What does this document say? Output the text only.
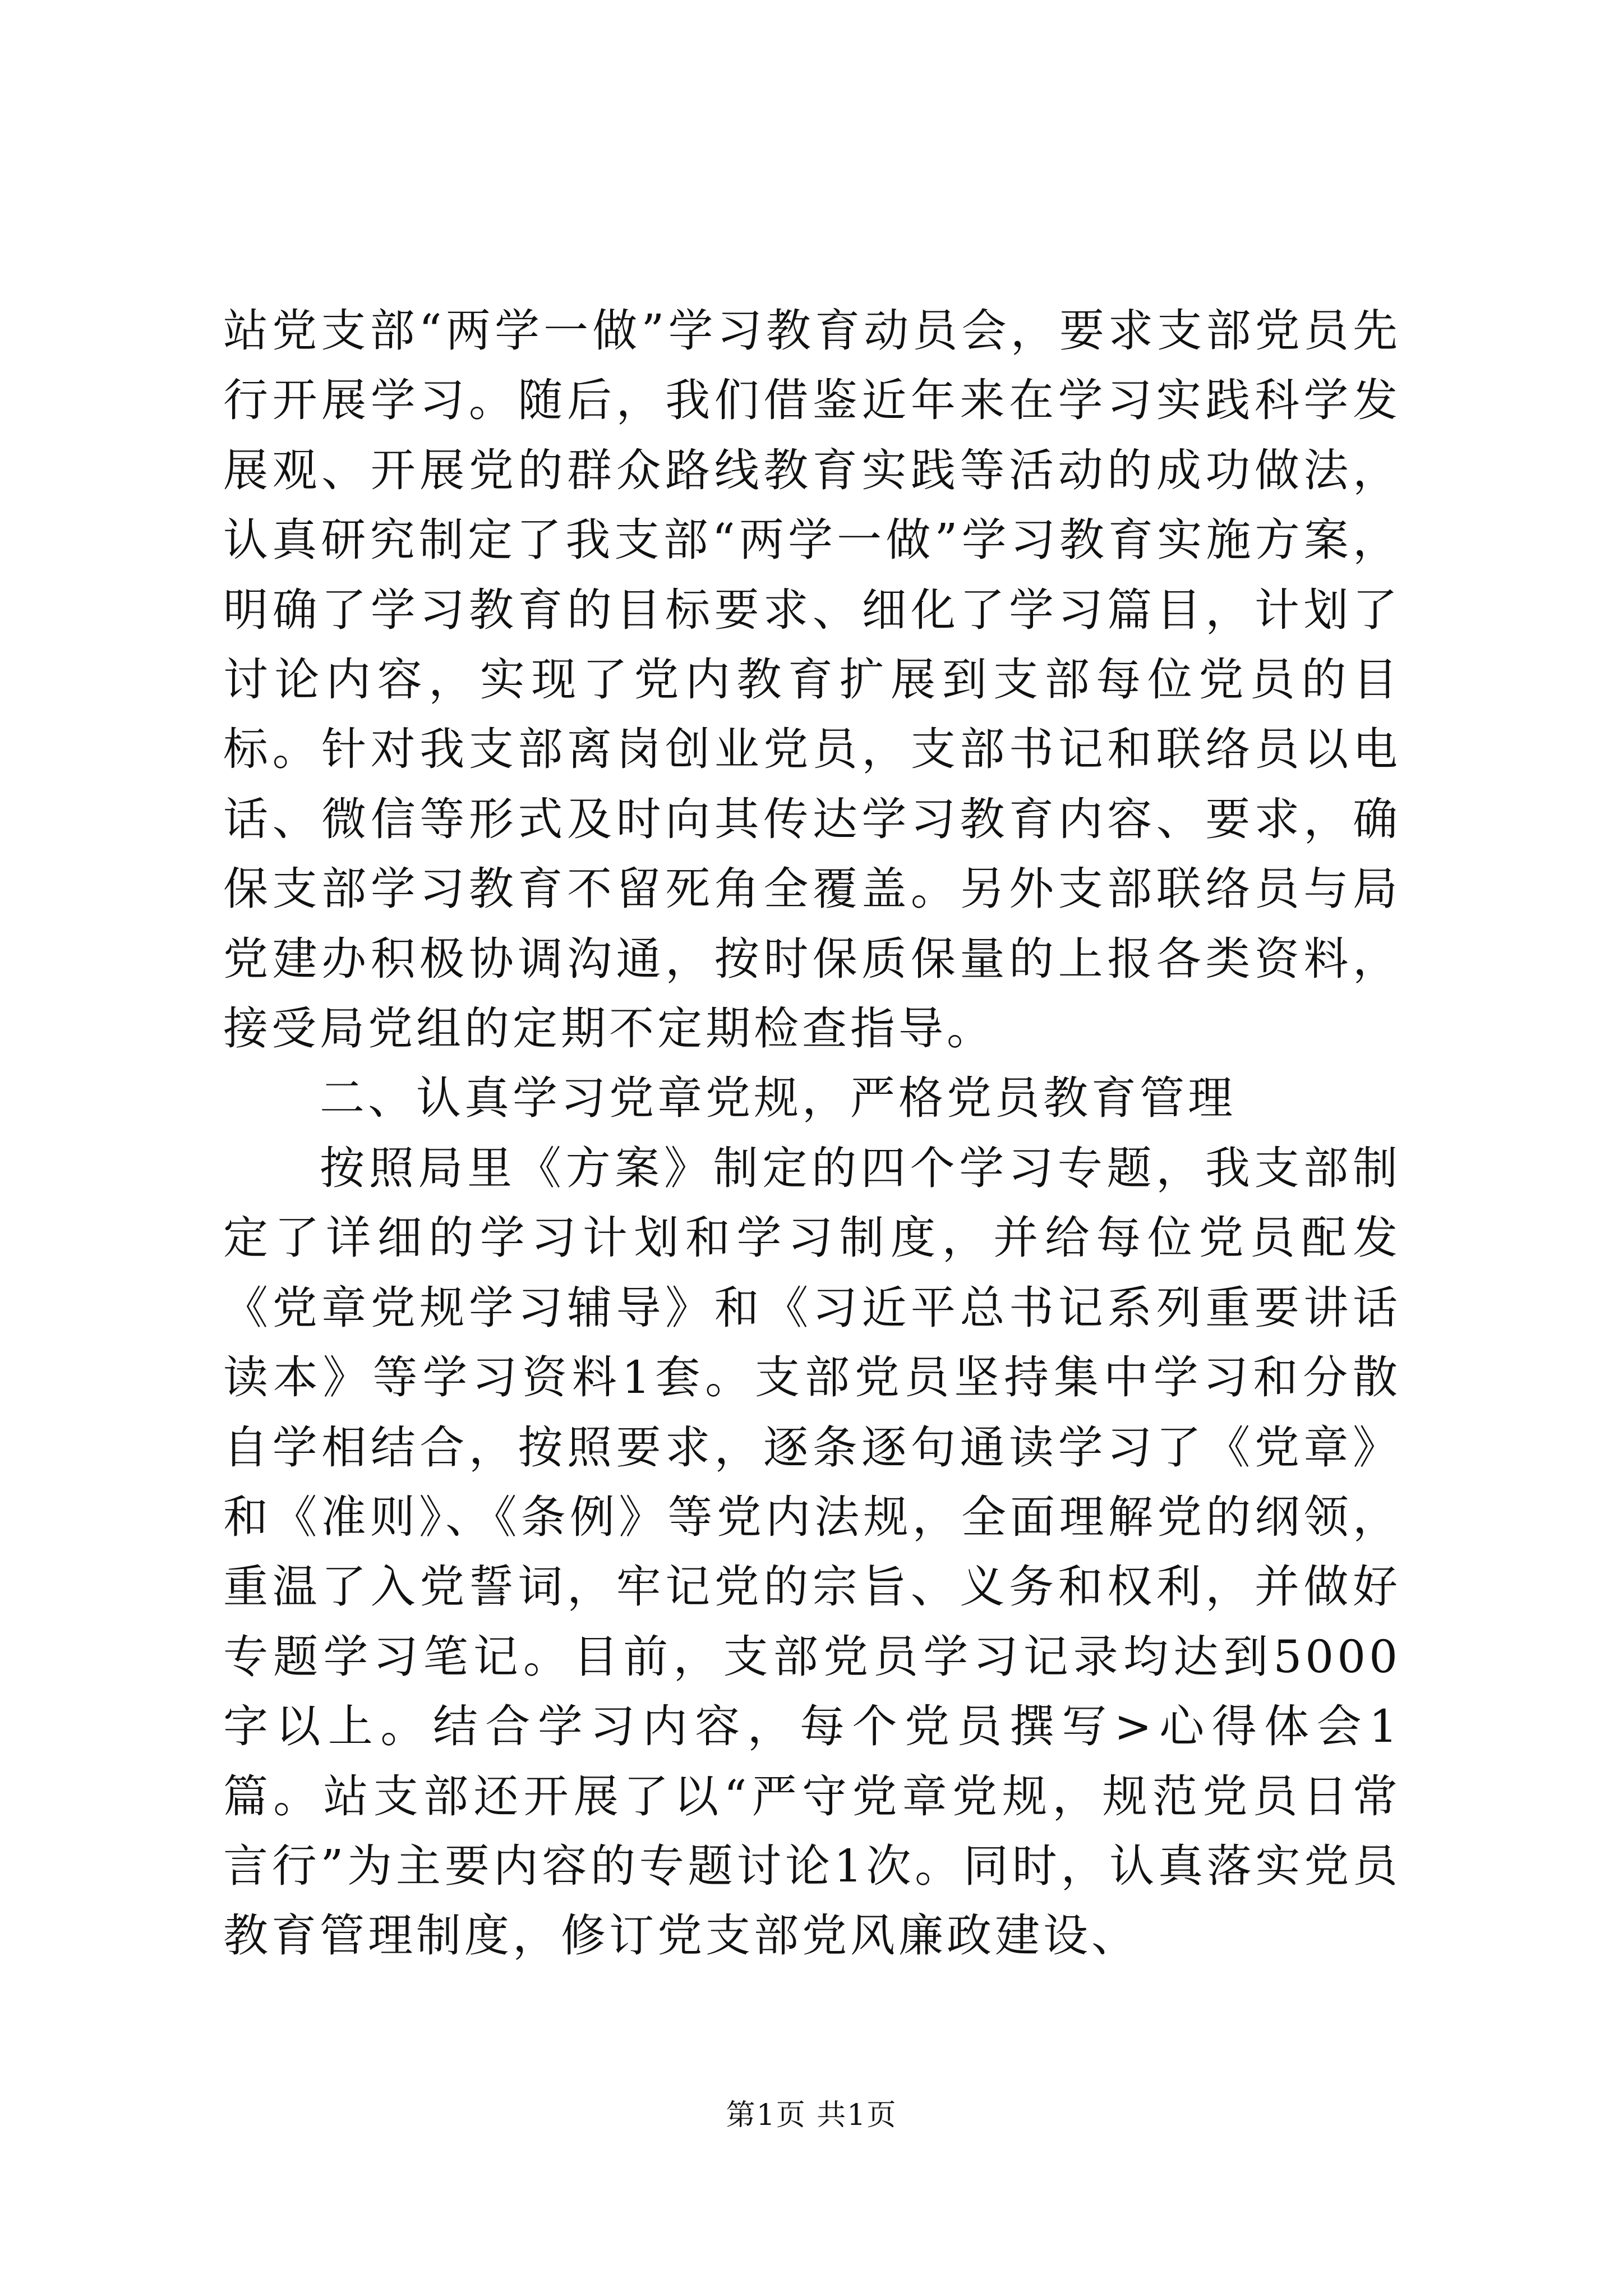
站党支部“两学一做”学习教育动员会，要求支部党员先行开展学习。随后，我们借鉴近年来在学习实践科学发展观、开展党的群众路线教育实践等活动的成功做法，认真研究制定了我支部“两学一做”学习教育实施方案，明确了学习教育的目标要求、细化了学习篇目，计划了讨论内容，实现了党内教育扩展到支部每位党员的目标。针对我支部离岗创业党员，支部书记和联络员以电话、微信等形式及时向其传达学习教育内容、要求，确保支部学习教育不留死角全覆盖。另外支部联络员与局党建办积极协调沟通，按时保质保量的上报各类资料，接受局党组的定期不定期检查指导。

二、认真学习党章党规，严格党员教育管理

按照局里《方案》制定的四个学习专题，我支部制定了详细的学习计划和学习制度，并给每位党员配发《党章党规学习辅导》和《习近平总书记系列重要讲话读本》等学习资料1套。支部党员坚持集中学习和分散自学相结合，按照要求，逐条逐句通读学习了《党章》和《准则》、《条例》等党内法规，全面理解党的纲领，重温了入党誓词，牢记党的宗旨、义务和权利，并做好专题学习笔记。目前，支部党员学习记录均达到5000字以上。结合学习内容，每个党员撰写>心得体会1篇。站支部还开展了以“严守党章党规，规范党员日常言行”为主要内容的专题讨论1次。同时，认真落实党员教育管理制度，修订党支部党风廉政建设、

第1页 共1页
